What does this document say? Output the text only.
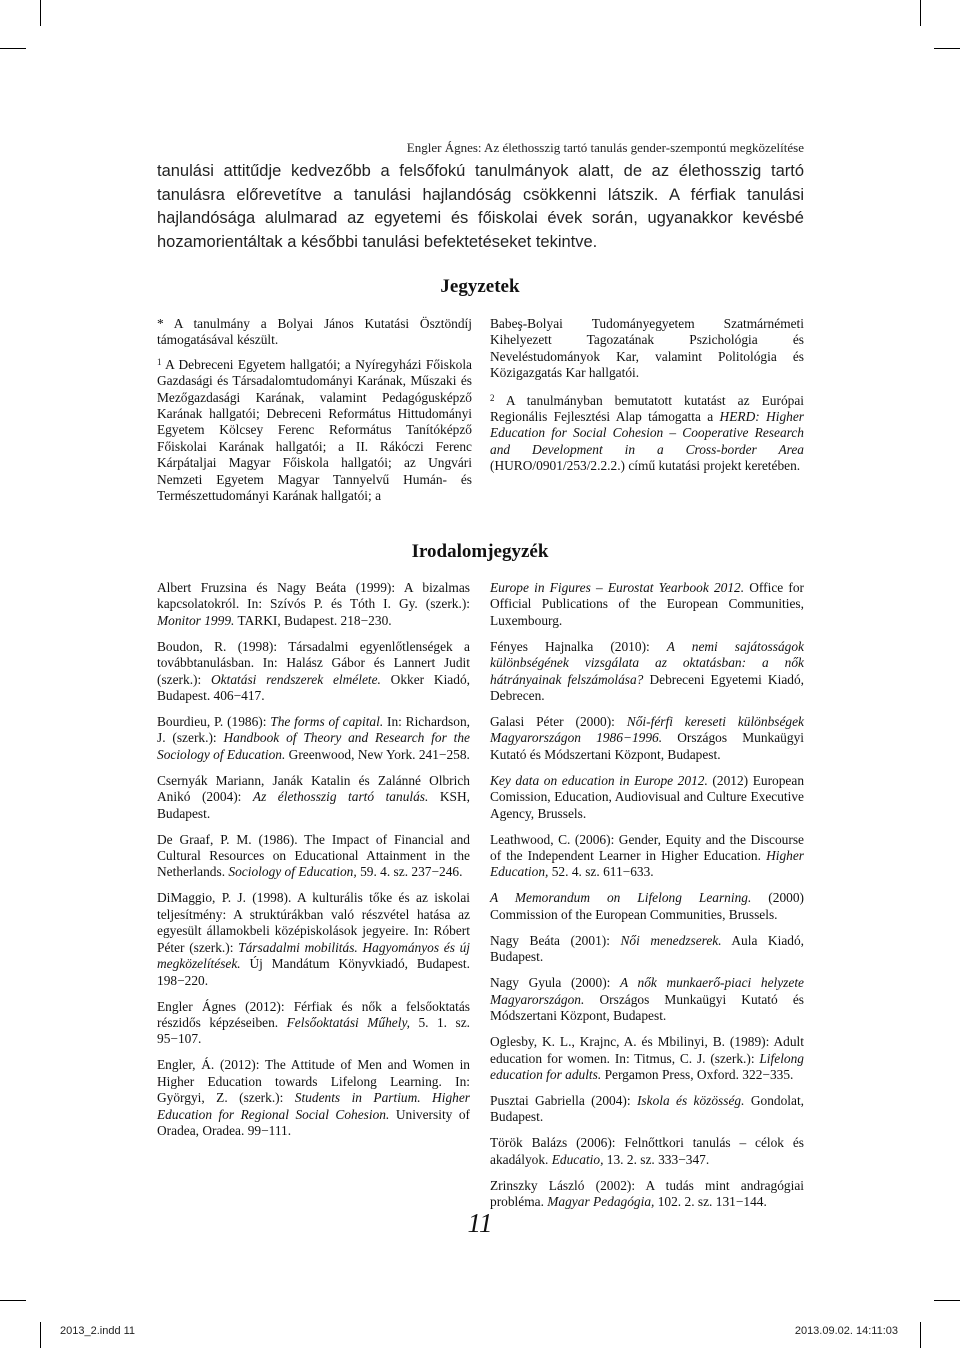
Engler Ágnes: Az élethosszig tartó tanulás gender-szempontú megközelítése
tanulási attitűdje kedvezőbb a felsőfokú tanulmányok alatt, de az élethosszig tartó tanulásra előrevetítve a tanulási hajlandóság csökkenni látszik. A férfiak tanulási hajlandósága alulmarad az egyetemi és főiskolai évek során, ugyanakkor kevésbé hozamorientáltak a későbbi tanulási befektetéseket tekintve.
Jegyzetek

* A tanulmány a Bolyai János Kutatási Ösztöndíj támogatásával készült.

$^1$ A Debreceni Egyetem hallgatói; a Nyíregyházi Főiskola Gazdasági és Társadalomtudományi Karának, Műszaki és Mezőgazdasági Karának, valamint Pedagógusképző Karának hallgatói; Debreceni Református Hittudományi Egyetem Kölcsey Ferenc Református Tanítóképző Főiskolai Karának hallgatói; a II. Rákóczi Ferenc Kárpátaljai Magyar Főiskola hallgatói; az Ungvári Nemzeti Egyetem Magyar Tannyelvű Humán- és Természettudományi Karának hallgatói; a

Babeş-Bolyai Tudományegyetem Szatmárnémeti Kihelyezett Tagozatának Pszichológia és Neveléstudományok Kar, valamint Politológia és Közigazgatás Kar hallgatói.

$^2$ A tanulmányban bemutatott kutatást az Európai Regionális Fejlesztési Alap támogatta a HERD: Higher Education for Social Cohesion – Cooperative Research and Development in a Cross-border Area (HURO/0901/253/2.2.2.) című kutatási projekt keretében.

Irodalomjegyzék

Albert Fruzsina és Nagy Beáta (1999): A bizalmas kapcsolatokról. In: Szívós P. és Tóth I. Gy. (szerk.): Monitor 1999. TARKI, Budapest. 218−230.

Boudon, R. (1998): Társadalmi egyenlőtlenségek a továbbtanulásban. In: Halász Gábor és Lannert Judit (szerk.): Oktatási rendszerek elmélete. Okker Kiadó, Budapest. 406−417.

Bourdieu, P. (1986): The forms of capital. In: Richardson, J. (szerk.): Handbook of Theory and Research for the Sociology of Education. Greenwood, New York. 241−258.

Csernyák Mariann, Janák Katalin és Zalánné Olbrich Anikó (2004): Az élethosszig tartó tanulás. KSH, Budapest.

De Graaf, P. M. (1986). The Impact of Financial and Cultural Resources on Educational Attainment in the Netherlands. Sociology of Education, 59. 4. sz. 237−246.

DiMaggio, P. J. (1998). A kulturális tőke és az iskolai teljesítmény: A struktúrákban való részvétel hatása az egyesült államokbeli középiskolások jegyeire. In: Róbert Péter (szerk.): Társadalmi mobilitás. Hagyományos és új megközelítések. Új Mandátum Könyvkiadó, Budapest. 198−220.

Engler Ágnes (2012): Férfiak és nők a felsőoktatás részidős képzéseiben. Felsőoktatási Műhely, 5. 1. sz. 95−107.

Engler, Á. (2012): The Attitude of Men and Women in Higher Education towards Lifelong Learning. In: Györgyi, Z. (szerk.): Students in Partium. Higher Education for Regional Social Cohesion. University of Oradea, Oradea. 99−111.

Europe in Figures – Eurostat Yearbook 2012. Office for Official Publications of the European Communities, Luxembourg.

Fényes Hajnalka (2010): A nemi sajátosságok különbségének vizsgálata az oktatásban: a nők hátrányainak felszámolása? Debreceni Egyetemi Kiadó, Debrecen.

Galasi Péter (2000): Női-férfi kereseti különbségek Magyarországon 1986−1996. Országos Munkaügyi Kutató és Módszertani Központ, Budapest.

Key data on education in Europe 2012. (2012) European Comission, Education, Audiovisual and Culture Executive Agency, Brussels.

Leathwood, C. (2006): Gender, Equity and the Discourse of the Independent Learner in Higher Education. Higher Education, 52. 4. sz. 611−633.

A Memorandum on Lifelong Learning. (2000) Commission of the European Communities, Brussels.

Nagy Beáta (2001): Női menedzserek. Aula Kiadó, Budapest.

Nagy Gyula (2000): A nők munkaerő-piaci helyzete Magyarországon. Országos Munkaügyi Kutató és Módszertani Központ, Budapest.

Oglesby, K. L., Krajnc, A. és Mbilinyi, B. (1989): Adult education for women. In: Titmus, C. J. (szerk.): Lifelong education for adults. Pergamon Press, Oxford. 322−335.

Pusztai Gabriella (2004): Iskola és közösség. Gondolat, Budapest.

Török Balázs (2006): Felnőttkori tanulás – célok és akadályok. Educatio, 13. 2. sz. 333−347.

Zrinszky László (2002): A tudás mint andragógiai probléma. Magyar Pedagógia, 102. 2. sz. 131−144.

11
2013_2.indd 11	2013.09.02. 14:11:03
